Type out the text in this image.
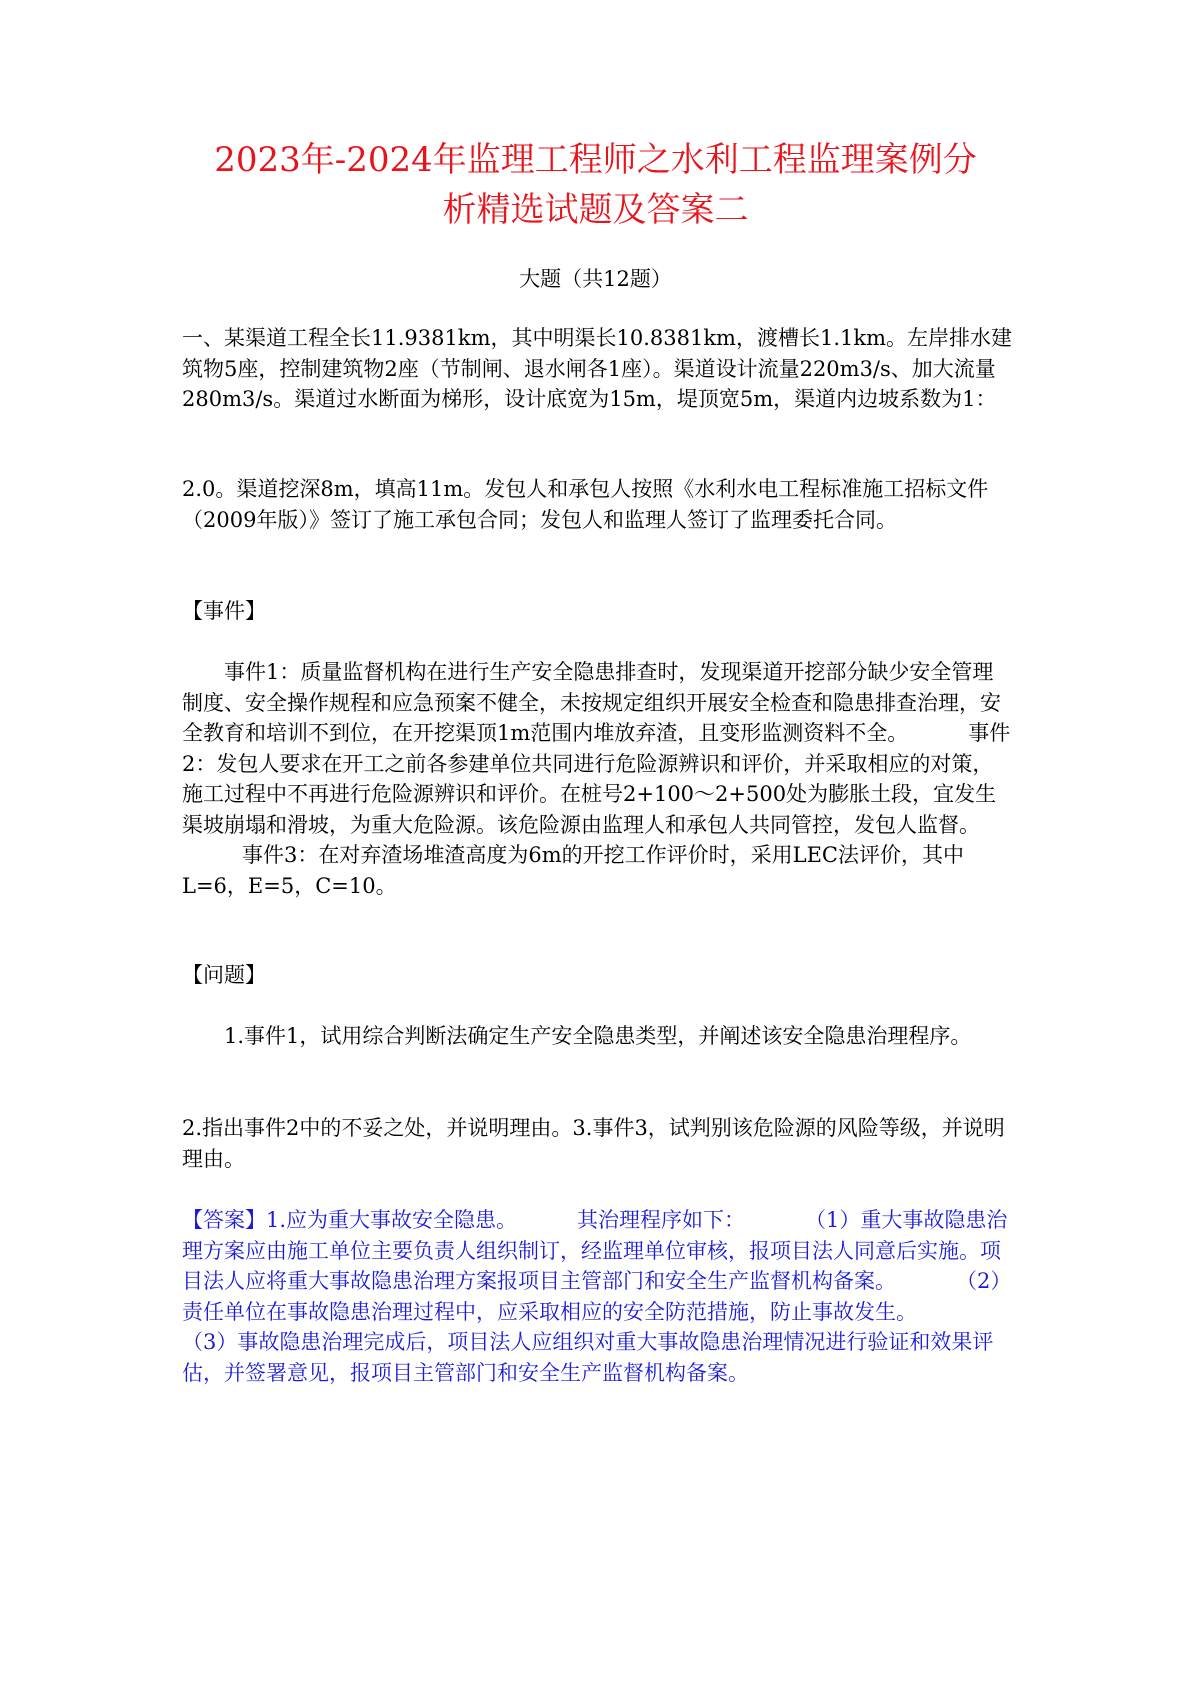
2023年-2024年监理工程师之水利工程监理案例分
析精选试题及答案二

大题（共12题）

一、某渠道工程全长11.9381km，其中明渠长10.8381km，渡槽长1.1km。左岸排水建筑物5座，控制建筑物2座（节制闸、退水闸各1座）。渠道设计流量220m3/s、加大流量280m3/s。渠道过水断面为梯形，设计底宽为15m，堤顶宽5m，渠道内边坡系数为1：

2.0。渠道挖深8m，填高11m。发包人和承包人按照《水利水电工程标准施工招标文件（2009年版）》签订了施工承包合同；发包人和监理人签订了监理委托合同。

【事件】

事件1：质量监督机构在进行生产安全隐患排查时，发现渠道开挖部分缺少安全管理制度、安全操作规程和应急预案不健全，未按规定组织开展安全检查和隐患排查治理，安全教育和培训不到位，在开挖渠顶1m范围内堆放弃渣，且变形监测资料不全。	事件2：发包人要求在开工之前各参建单位共同进行危险源辨识和评价，并采取相应的对策，施工过程中不再进行危险源辨识和评价。在桩号2+100～2+500处为膨胀土段，宜发生渠坡崩塌和滑坡，为重大危险源。该危险源由监理人和承包人共同管控，发包人监督。事件3：在对弃渣场堆渣高度为6m的开挖工作评价时，采用LEC法评价，其中L=6，E=5，C=10。

【问题】

1.事件1，试用综合判断法确定生产安全隐患类型，并阐述该安全隐患治理程序。

2.指出事件2中的不妥之处，并说明理由。3.事件3，试判别该危险源的风险等级，并说明理由。

【答案】1.应为重大事故安全隐患。	其治理程序如下：	（1）重大事故隐患治理方案应由施工单位主要负责人组织制订，经监理单位审核，报项目法人同意后实施。项目法人应将重大事故隐患治理方案报项目主管部门和安全生产监督机构备案。	（2）责任单位在事故隐患治理过程中，应采取相应的安全防范措施，防止事故发生。（3）事故隐患治理完成后，项目法人应组织对重大事故隐患治理情况进行验证和效果评估，并签署意见，报项目主管部门和安全生产监督机构备案。
